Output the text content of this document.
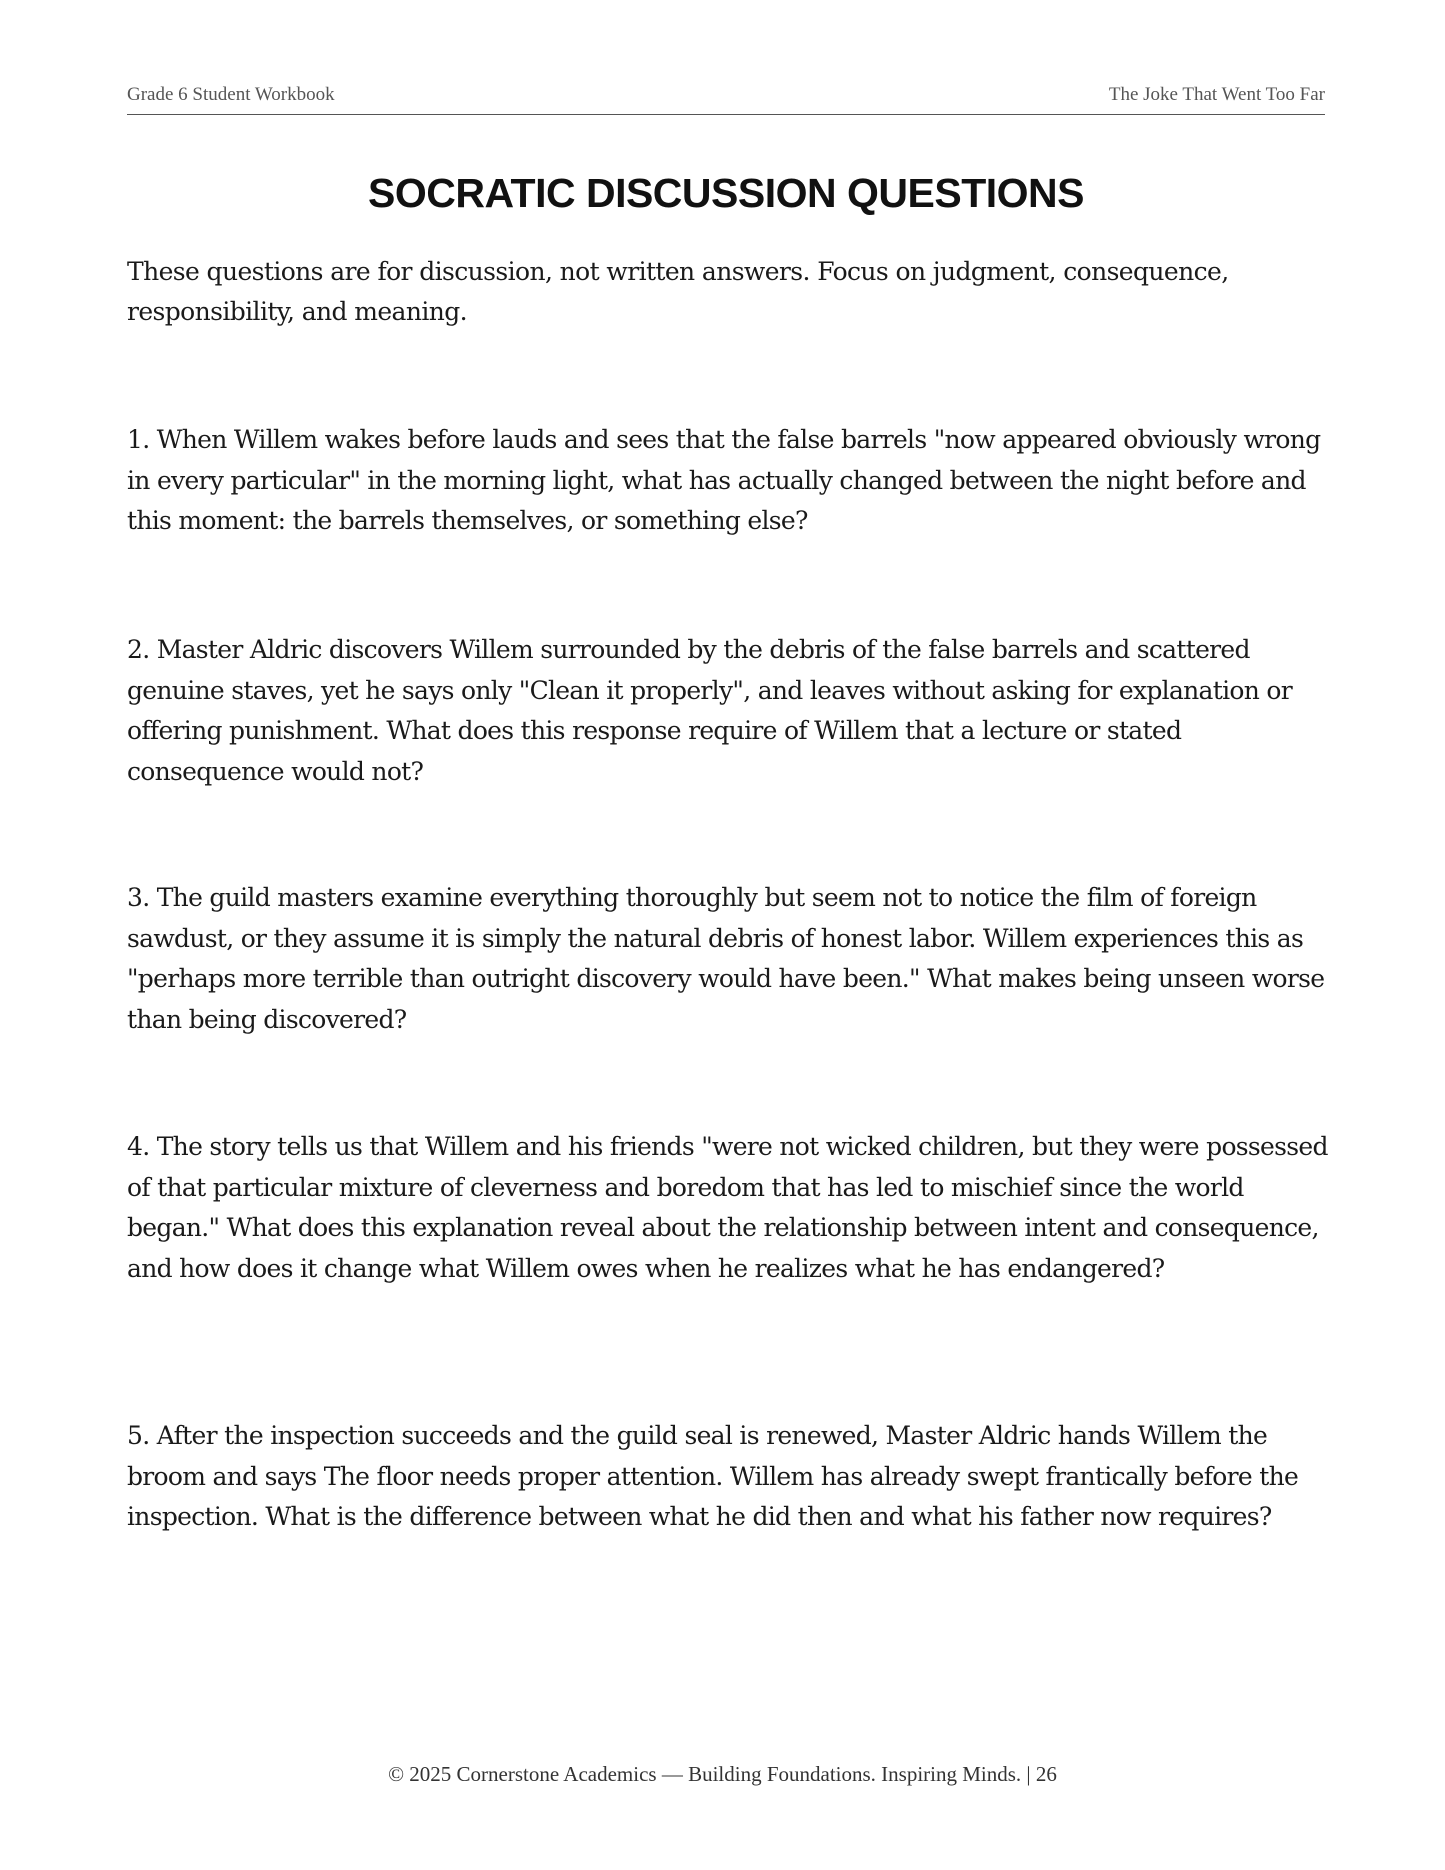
Grade 6 Student Workbook	The Joke That Went Too Far
SOCRATIC DISCUSSION QUESTIONS

These questions are for discussion, not written answers. Focus on judgment, consequence, responsibility, and meaning.

1. When Willem wakes before lauds and sees that the false barrels "now appeared obviously wrong in every particular" in the morning light, what has actually changed between the night before and this moment: the barrels themselves, or something else?

2. Master Aldric discovers Willem surrounded by the debris of the false barrels and scattered genuine staves, yet he says only "Clean it properly", and leaves without asking for explanation or offering punishment. What does this response require of Willem that a lecture or stated consequence would not?

3. The guild masters examine everything thoroughly but seem not to notice the film of foreign sawdust, or they assume it is simply the natural debris of honest labor. Willem experiences this as "perhaps more terrible than outright discovery would have been." What makes being unseen worse than being discovered?

4. The story tells us that Willem and his friends "were not wicked children, but they were possessed of that particular mixture of cleverness and boredom that has led to mischief since the world began." What does this explanation reveal about the relationship between intent and consequence, and how does it change what Willem owes when he realizes what he has endangered?

5. After the inspection succeeds and the guild seal is renewed, Master Aldric hands Willem the broom and says The floor needs proper attention. Willem has already swept frantically before the inspection. What is the difference between what he did then and what his father now requires?

© 2025 Cornerstone Academics — Building Foundations. Inspiring Minds. | 26
